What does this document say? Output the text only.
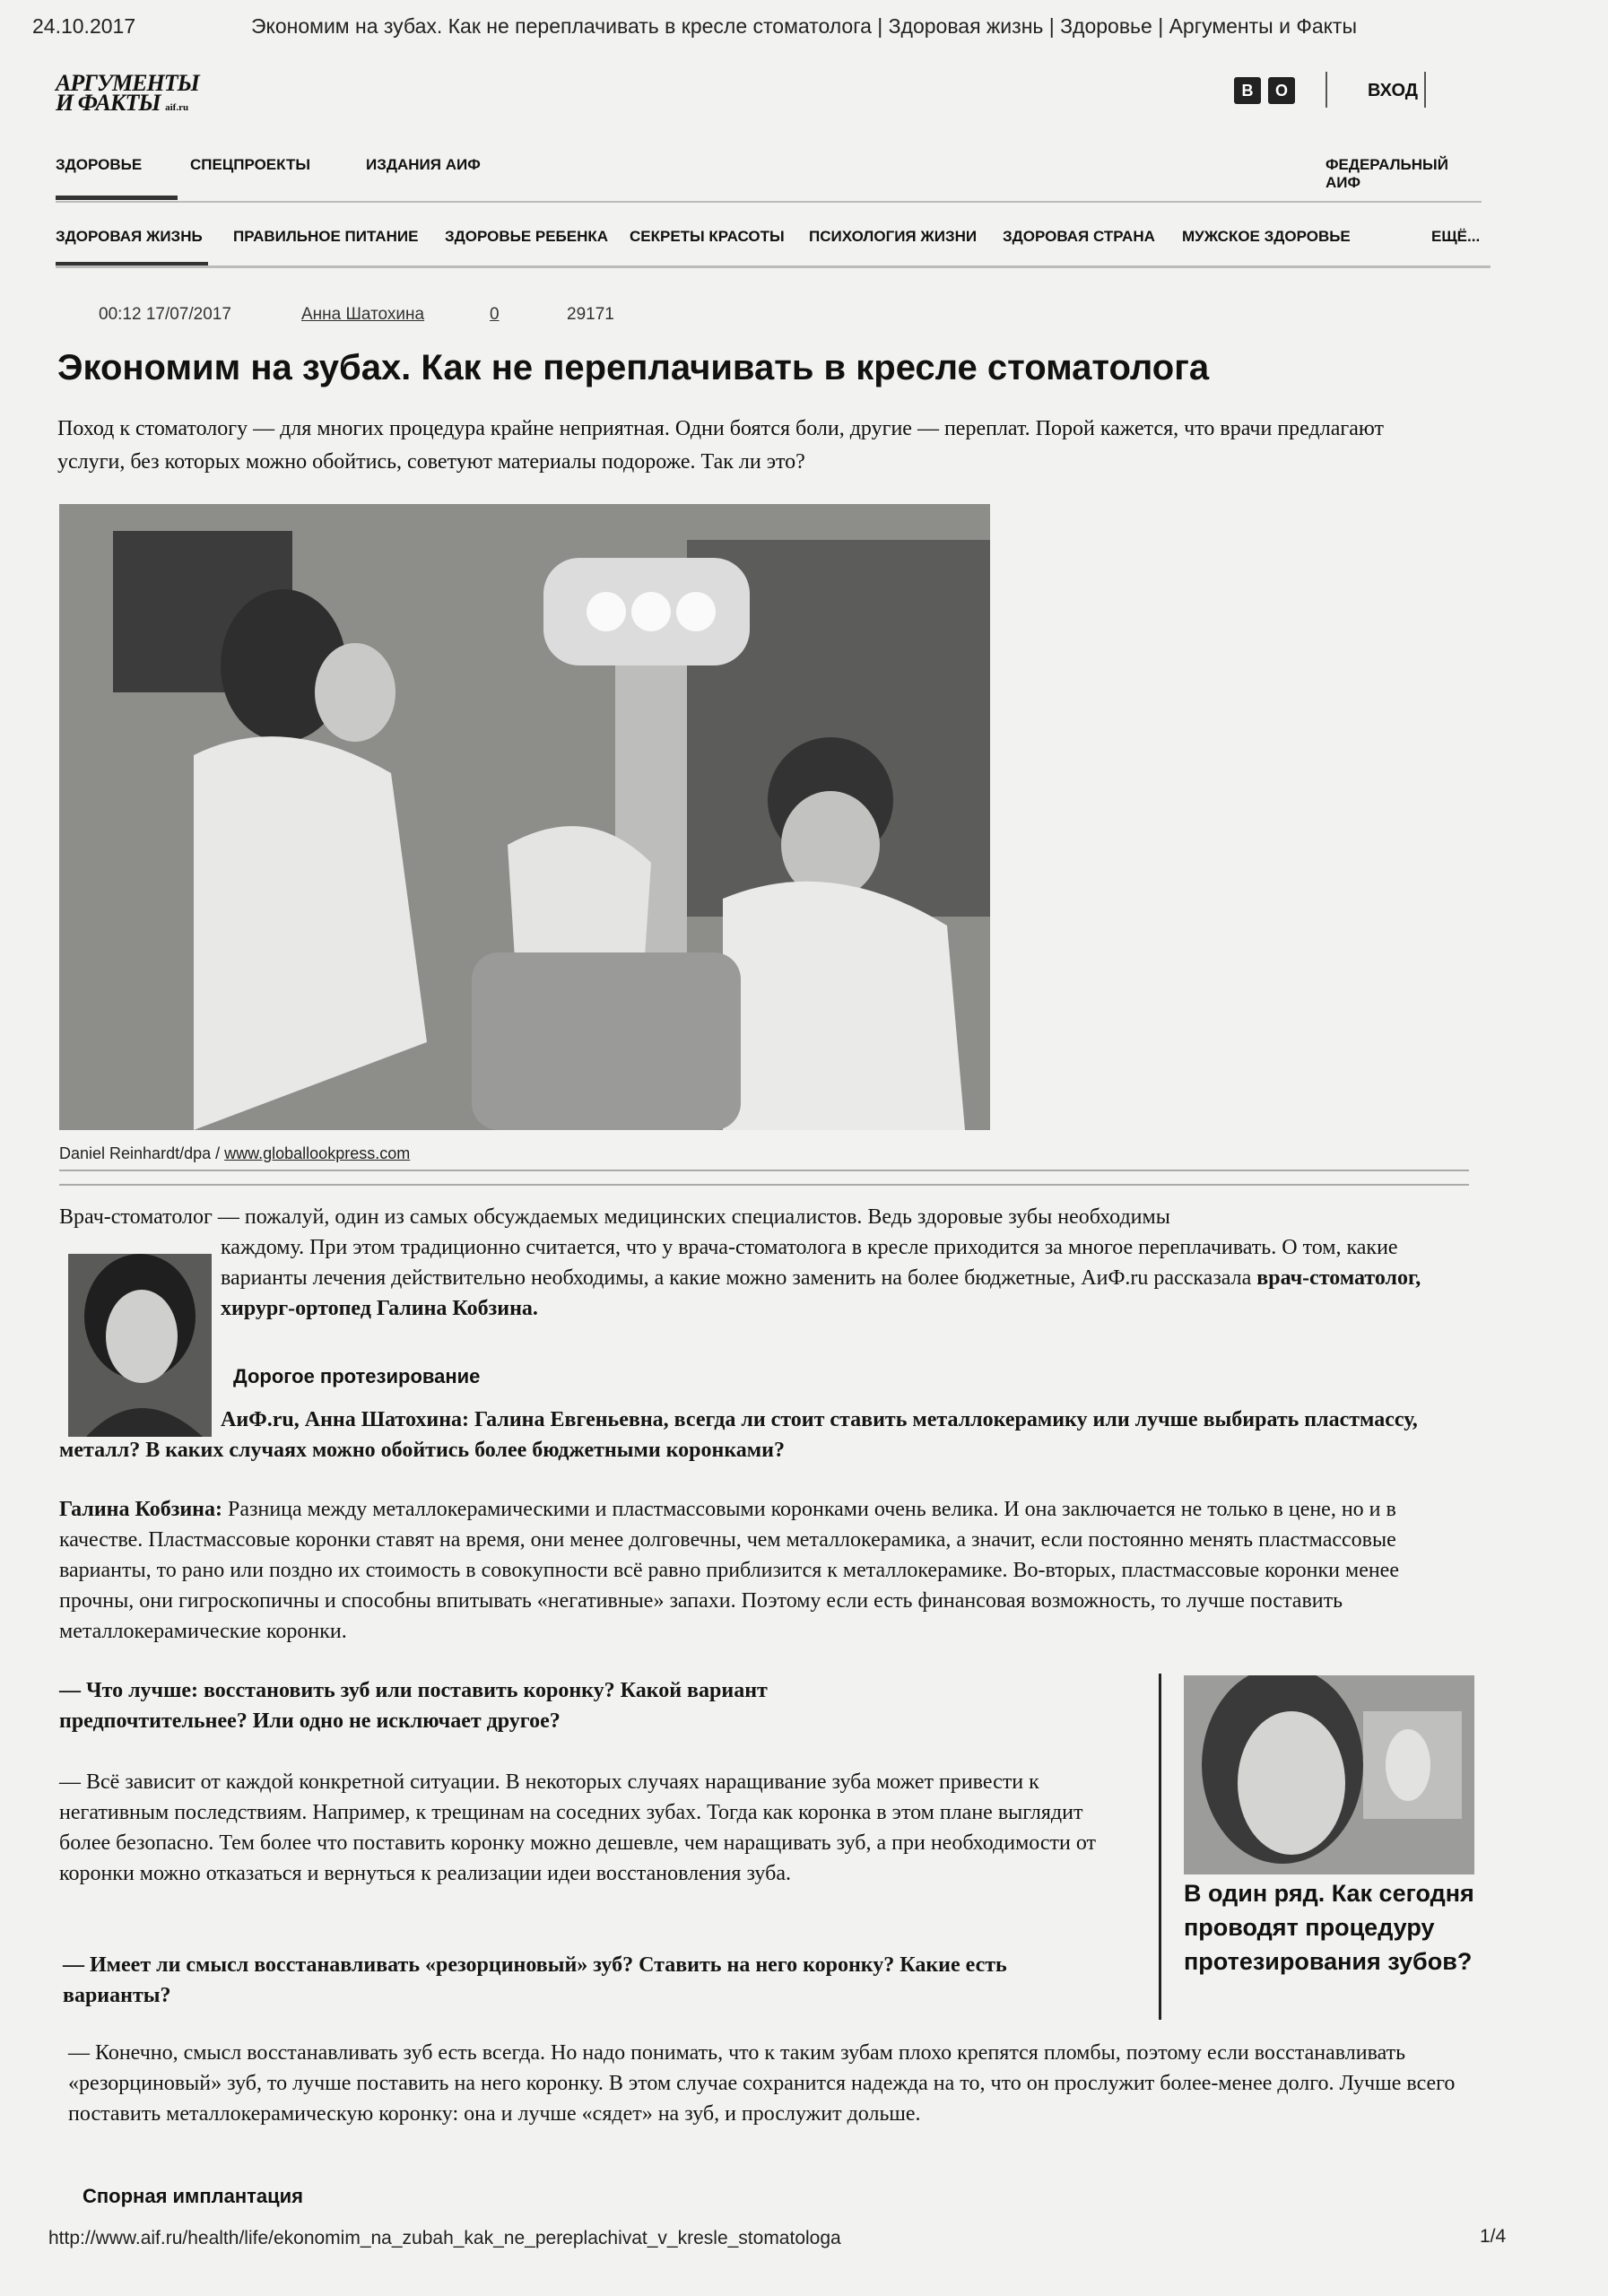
24.10.2017	Экономим на зубах. Как не переплачивать в кресле стоматолога | Здоровая жизнь | Здоровье | Аргументы и Факты
АРГУМЕНТЫ
И ФАКТЫ aif.ru
В	О	ВХОД
ЗДОРОВЬЕ	СПЕЦПРОЕКТЫ	ИЗДАНИЯ АИФ	ФЕДЕРАЛЬНЫЙ АИФ
ЗДОРОВАЯ ЖИЗНЬ ПРАВИЛЬНОЕ ПИТАНИЕ ЗДОРОВЬЕ РЕБЕНКА СЕКРЕТЫ КРАСОТЫ ПСИХОЛОГИЯ ЖИЗНИ ЗДОРОВАЯ СТРАНА МУЖСКОЕ ЗДОРОВЬЕ	ЕЩЁ...
00:12 17/07/2017	Анна Шатохина	0	29171
Экономим на зубах. Как не переплачивать в кресле стоматолога
Поход к стоматологу — для многих процедура крайне неприятная. Одни боятся боли, другие — переплат. Порой кажется, что врачи предлагают услуги, без которых можно обойтись, советуют материалы подороже. Так ли это?
Daniel Reinhardt/dpa / www.globallookpress.com
Врач-стоматолог — пожалуй, один из самых обсуждаемых медицинских специалистов. Ведь здоровые зубы необходимы
каждому. При этом традиционно считается, что у врача-стоматолога в кресле приходится за многое переплачивать. О том, какие варианты лечения действительно необходимы, а какие можно заменить на более бюджетные, АиФ.ru рассказала врач-стоматолог, хирург-ортопед Галина Кобзина.
Дорогое протезирование
АиФ.ru, Анна Шатохина: Галина Евгеньевна, всегда ли стоит ставить металлокерамику или лучше выбирать пластмассу, металл? В каких случаях можно обойтись более бюджетными коронками?
Галина Кобзина: Разница между металлокерамическими и пластмассовыми коронками очень велика. И она заключается не только в цене, но и в качестве. Пластмассовые коронки ставят на время, они менее долговечны, чем металлокерамика, а значит, если постоянно менять пластмассовые варианты, то рано или поздно их стоимость в совокупности всё равно приблизится к металлокерамике. Во-вторых, пластмассовые коронки менее прочны, они гигроскопичны и способны впитывать «негативные» запахи. Поэтому если есть финансовая возможность, то лучше поставить металлокерамические коронки.
— Что лучше: восстановить зуб или поставить коронку? Какой вариант предпочтительнее? Или одно не исключает другое?
— Всё зависит от каждой конкретной ситуации. В некоторых случаях наращивание зуба может привести к негативным последствиям. Например, к трещинам на соседних зубах. Тогда как коронка в этом плане выглядит более безопасно. Тем более что поставить коронку можно дешевле, чем наращивать зуб, а при необходимости от коронки можно отказаться и вернуться к реализации идеи восстановления зуба.
— Имеет ли смысл восстанавливать «резорциновый» зуб? Ставить на него коронку? Какие есть варианты?
— Конечно, смысл восстанавливать зуб есть всегда. Но надо понимать, что к таким зубам плохо крепятся пломбы, поэтому если восстанавливать «резорциновый» зуб, то лучше поставить на него коронку. В этом случае сохранится надежда на то, что он прослужит более-менее долго. Лучше всего поставить металлокерамическую коронку: она и лучше «сядет» на зуб, и прослужит дольше.
Спорная имплантация
В один ряд. Как сегодня проводят процедуру протезирования зубов?
http://www.aif.ru/health/life/ekonomim_na_zubah_kak_ne_pereplachivat_v_kresle_stomatologa	1/4
